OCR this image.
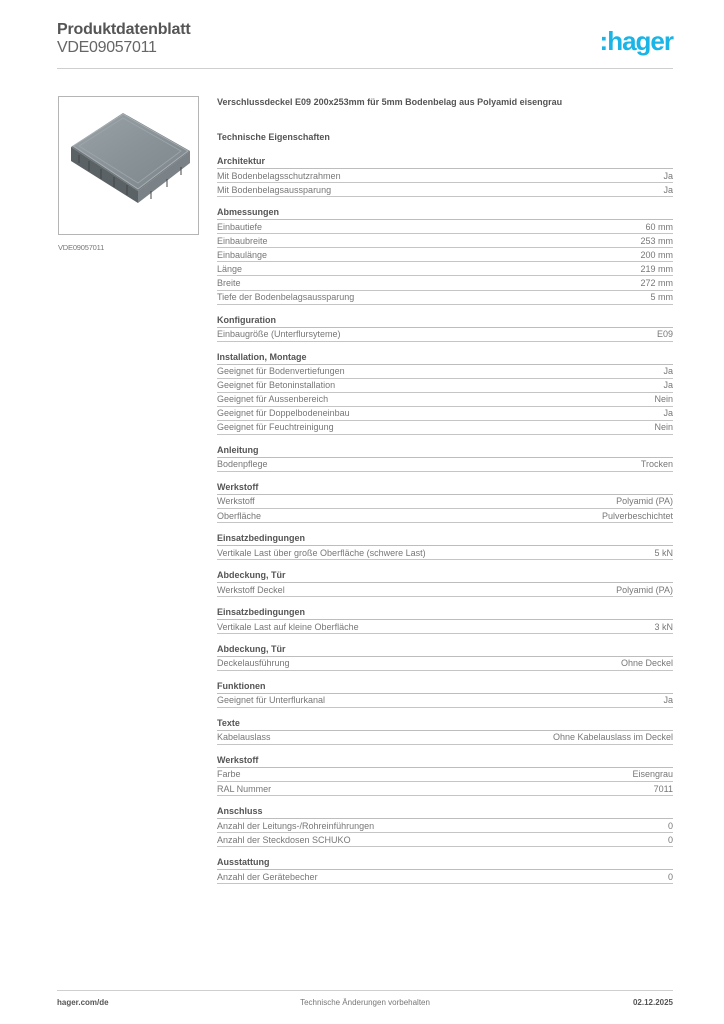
Produktdatenblatt
VDE09057011	:hager
VDE09057011
Verschlussdeckel E09 200x253mm für 5mm Bodenbelag aus Polyamid eisengrau
Technische Eigenschaften
Architektur
Mit Bodenbelagsschutzrahmen	Ja
Mit Bodenbelagsaussparung	Ja
Abmessungen
Einbautiefe	60 mm
Einbaubreite	253 mm
Einbaulänge	200 mm
Länge	219 mm
Breite	272 mm
Tiefe der Bodenbelagsaussparung	5 mm
Konfiguration
Einbaugröße (Unterflursyteme)	E09
Installation, Montage
Geeignet für Bodenvertiefungen	Ja
Geeignet für Betoninstallation	Ja
Geeignet für Aussenbereich	Nein
Geeignet für Doppelbodeneinbau	Ja
Geeignet für Feuchtreinigung	Nein
Anleitung
Bodenpflege	Trocken
Werkstoff
Werkstoff	Polyamid (PA)
Oberfläche	Pulverbeschichtet
Einsatzbedingungen
Vertikale Last über große Oberfläche (schwere Last)	5 kN
Abdeckung, Tür
Werkstoff Deckel	Polyamid (PA)
Einsatzbedingungen
Vertikale Last auf kleine Oberfläche	3 kN
Abdeckung, Tür
Deckelausführung	Ohne Deckel
Funktionen
Geeignet für Unterflurkanal	Ja
Texte
Kabelauslass	Ohne Kabelauslass im Deckel
Werkstoff
Farbe	Eisengrau
RAL Nummer	7011
Anschluss
Anzahl der Leitungs-/Rohreinführungen	0
Anzahl der Steckdosen SCHUKO	0
Ausstattung
Anzahl der Gerätebecher	0
hager.com/de	Technische Änderungen vorbehalten	02.12.2025
